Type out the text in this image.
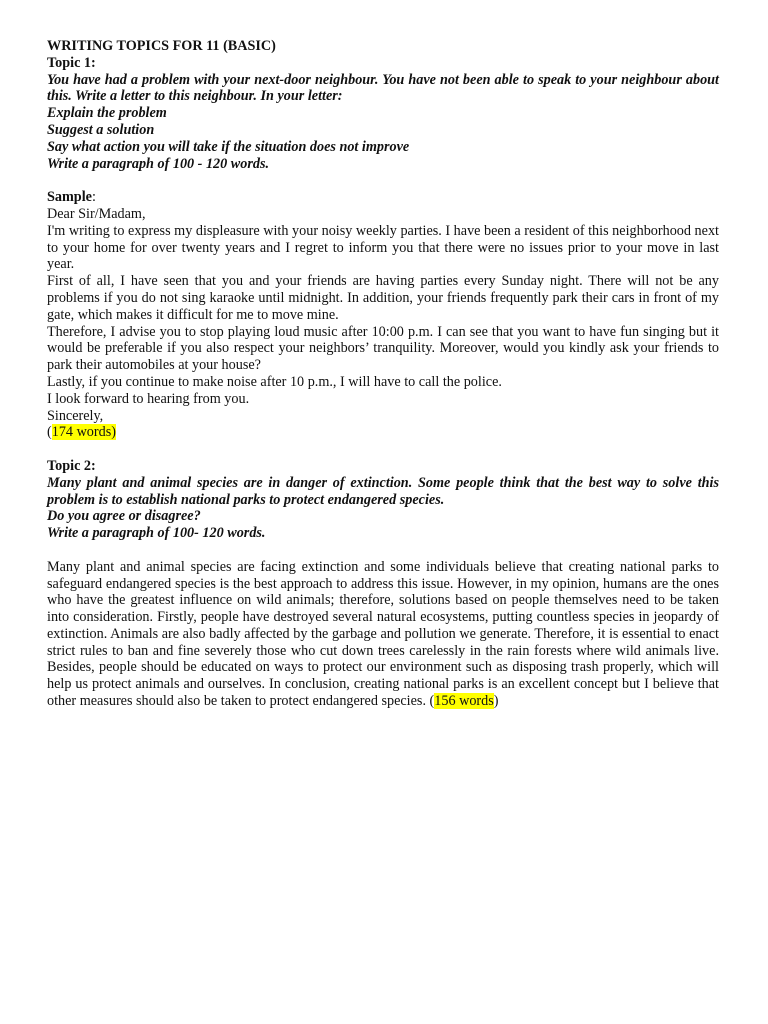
WRITING TOPICS FOR 11 (BASIC)
Topic 1:
You have had a problem with your next-door neighbour. You have not been able to speak to your neighbour about this. Write a letter to this neighbour. In your letter:
Explain the problem
Suggest a solution
Say what action you will take if the situation does not improve
Write a paragraph of 100 - 120 words.
Sample:
Dear Sir/Madam,
I'm writing to express my displeasure with your noisy weekly parties. I have been a resident of this neighborhood next to your home for over twenty years and I regret to inform you that there were no issues prior to your move in last year.
First of all, I have seen that you and your friends are having parties every Sunday night. There will not be any problems if you do not sing karaoke until midnight. In addition, your friends frequently park their cars in front of my gate, which makes it difficult for me to move mine.
Therefore, I advise you to stop playing loud music after 10:00 p.m. I can see that you want to have fun singing but it would be preferable if you also respect your neighbors’ tranquility. Moreover, would you kindly ask your friends to park their automobiles at your house?
Lastly, if you continue to make noise after 10 p.m., I will have to call the police.
I look forward to hearing from you.
Sincerely,
(174 words)
Topic 2:
Many plant and animal species are in danger of extinction. Some people think that the best way to solve this problem is to establish national parks to protect endangered species.
Do you agree or disagree?
Write a paragraph of 100- 120 words.
Many plant and animal species are facing extinction and some individuals believe that creating national parks to safeguard endangered species is the best approach to address this issue. However, in my opinion, humans are the ones who have the greatest influence on wild animals; therefore, solutions based on people themselves need to be taken into consideration. Firstly, people have destroyed several natural ecosystems, putting countless species in jeopardy of extinction. Animals are also badly affected by the garbage and pollution we generate. Therefore, it is essential to enact strict rules to ban and fine severely those who cut down trees carelessly in the rain forests where wild animals live. Besides, people should be educated on ways to protect our environment such as disposing trash properly, which will help us protect animals and ourselves. In conclusion, creating national parks is an excellent concept but I believe that other measures should also be taken to protect endangered species. (156 words)
